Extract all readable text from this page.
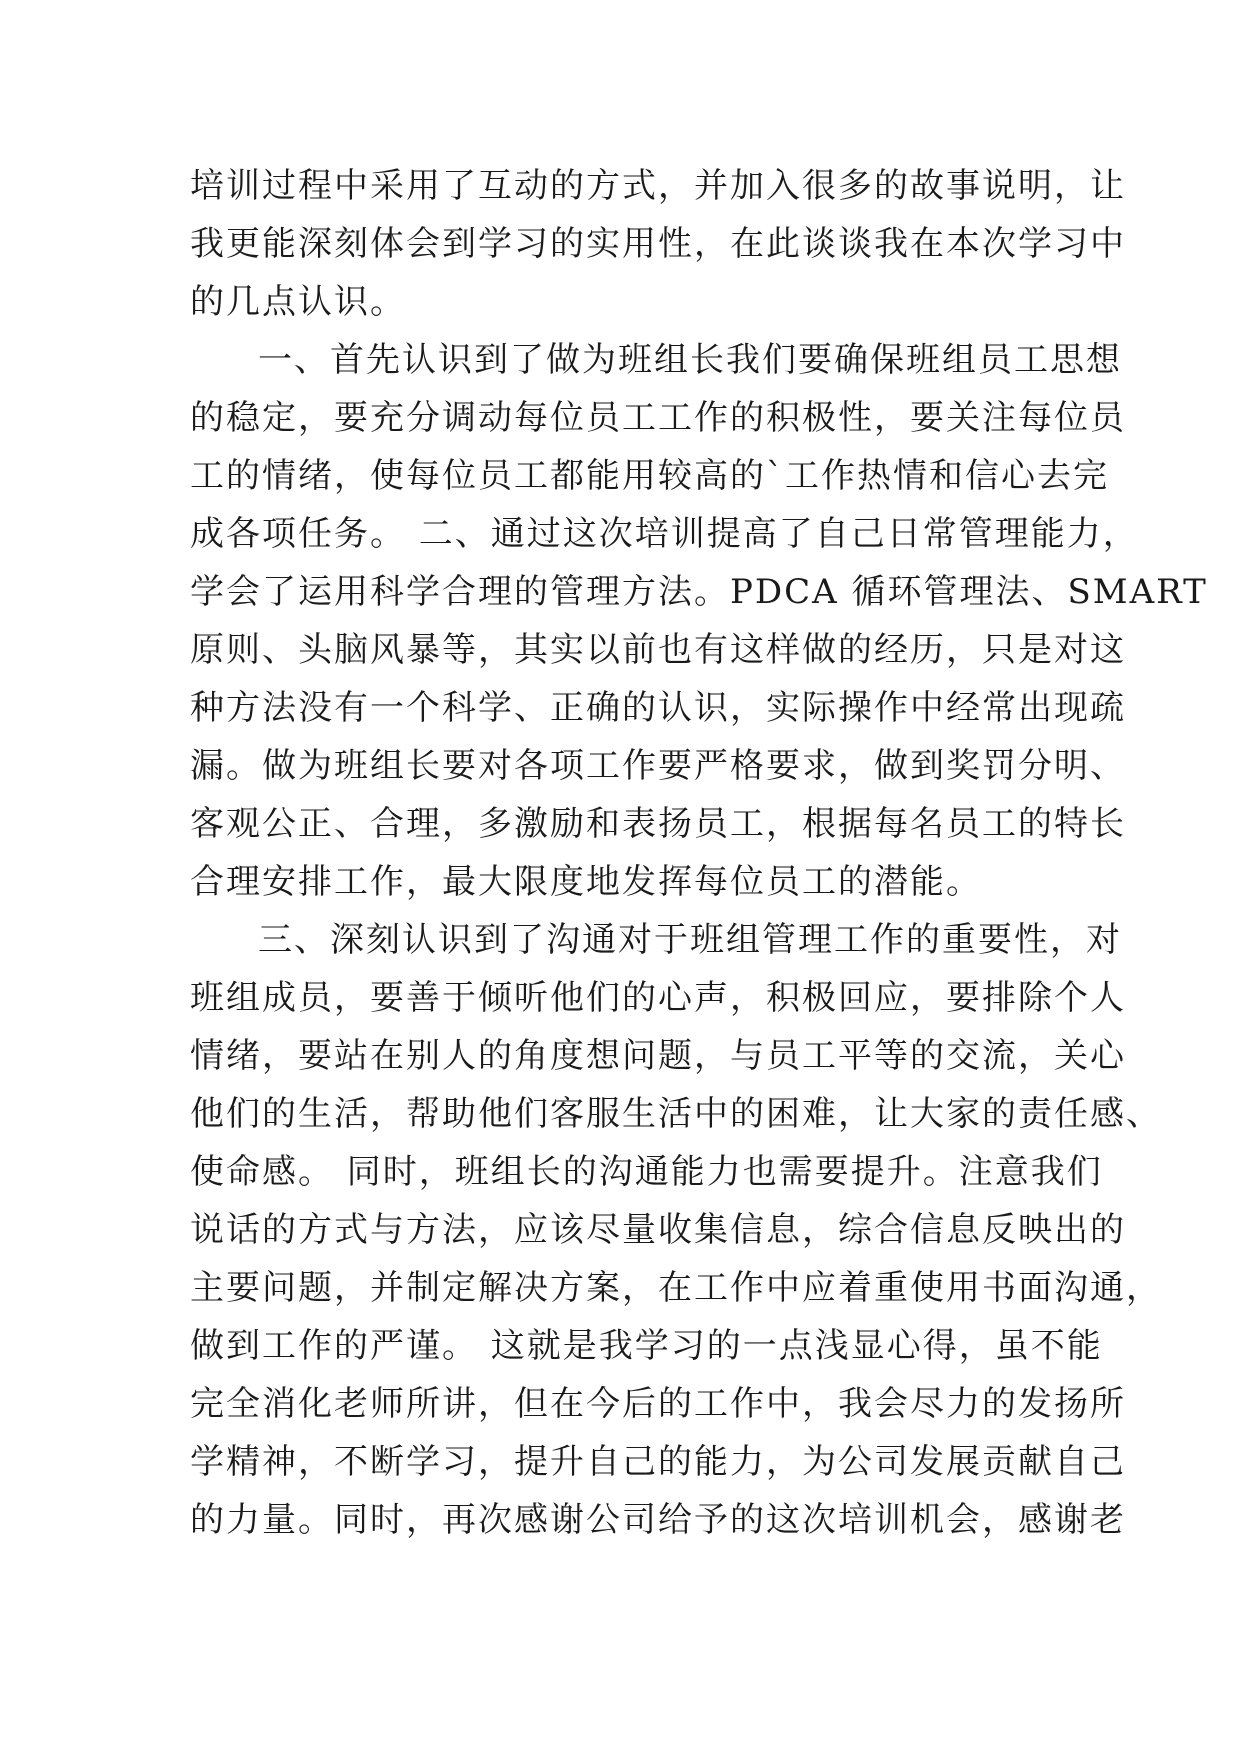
培训过程中采用了互动的方式，并加入很多的故事说明，让
我更能深刻体会到学习的实用性，在此谈谈我在本次学习中
的几点认识。
一、首先认识到了做为班组长我们要确保班组员工思想
的稳定，要充分调动每位员工工作的积极性，要关注每位员
工的情绪，使每位员工都能用较高的`工作热情和信心去完
成各项任务。 二、通过这次培训提高了自己日常管理能力，
学会了运用科学合理的管理方法。PDCA 循环管理法、SMART
原则、头脑风暴等，其实以前也有这样做的经历，只是对这
种方法没有一个科学、正确的认识，实际操作中经常出现疏
漏。做为班组长要对各项工作要严格要求，做到奖罚分明、
客观公正、合理，多激励和表扬员工，根据每名员工的特长
合理安排工作，最大限度地发挥每位员工的潜能。
三、深刻认识到了沟通对于班组管理工作的重要性，对
班组成员，要善于倾听他们的心声，积极回应，要排除个人
情绪，要站在别人的角度想问题，与员工平等的交流，关心
他们的生活，帮助他们客服生活中的困难，让大家的责任感、
使命感。 同时，班组长的沟通能力也需要提升。注意我们
说话的方式与方法，应该尽量收集信息，综合信息反映出的
主要问题，并制定解决方案，在工作中应着重使用书面沟通，
做到工作的严谨。 这就是我学习的一点浅显心得，虽不能
完全消化老师所讲，但在今后的工作中，我会尽力的发扬所
学精神，不断学习，提升自己的能力，为公司发展贡献自己
的力量。同时，再次感谢公司给予的这次培训机会，感谢老
